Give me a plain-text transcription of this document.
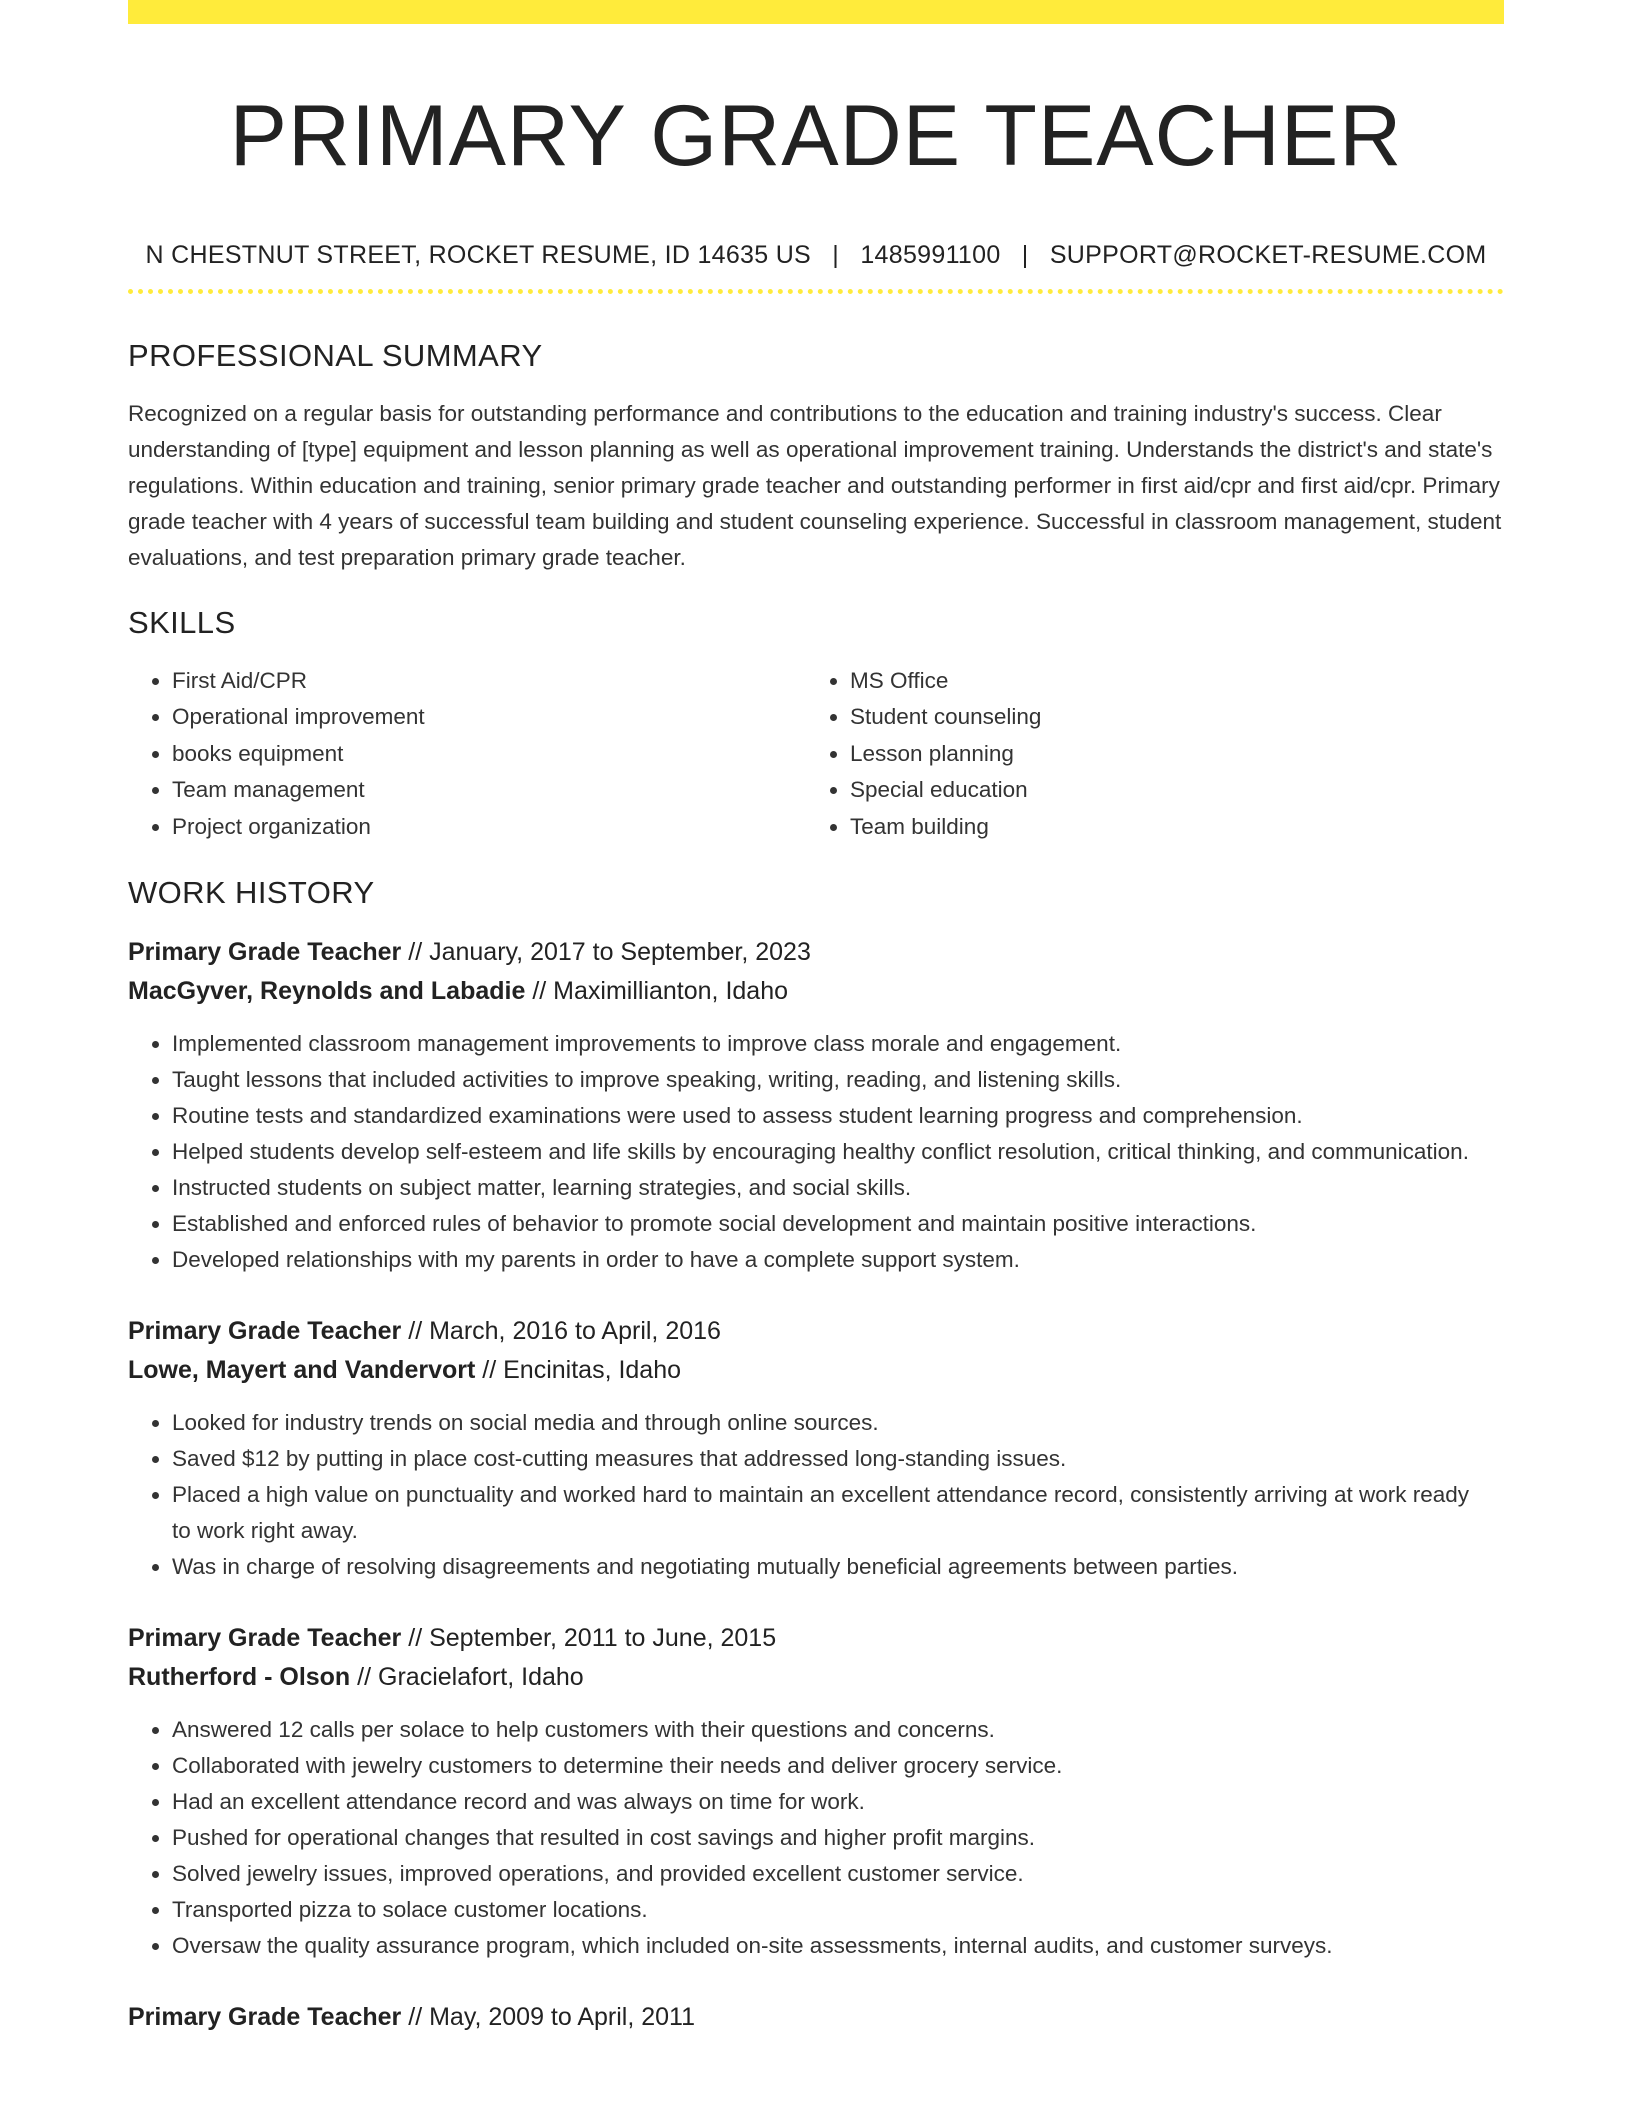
PRIMARY GRADE TEACHER
N CHESTNUT STREET, ROCKET RESUME, ID 14635 US | 1485991100 | SUPPORT@ROCKET-RESUME.COM
PROFESSIONAL SUMMARY

Recognized on a regular basis for outstanding performance and contributions to the education and training industry's success. Clear understanding of [type] equipment and lesson planning as well as operational improvement training. Understands the district's and state's regulations. Within education and training, senior primary grade teacher and outstanding performer in first aid/cpr and first aid/cpr. Primary grade teacher with 4 years of successful team building and student counseling experience. Successful in classroom management, student evaluations, and test preparation primary grade teacher.

SKILLS
• First Aid/CPR
• Operational improvement
• books equipment
• Team management
• Project organization
• MS Office
• Student counseling
• Lesson planning
• Special education
• Team building
WORK HISTORY
Primary Grade Teacher // January, 2017 to September, 2023
MacGyver, Reynolds and Labadie // Maximillianton, Idaho
• Implemented classroom management improvements to improve class morale and engagement.
• Taught lessons that included activities to improve speaking, writing, reading, and listening skills.
• Routine tests and standardized examinations were used to assess student learning progress and comprehension.
• Helped students develop self-esteem and life skills by encouraging healthy conflict resolution, critical thinking, and communication.
• Instructed students on subject matter, learning strategies, and social skills.
• Established and enforced rules of behavior to promote social development and maintain positive interactions.
• Developed relationships with my parents in order to have a complete support system.
Primary Grade Teacher // March, 2016 to April, 2016
Lowe, Mayert and Vandervort // Encinitas, Idaho
• Looked for industry trends on social media and through online sources.
• Saved $12 by putting in place cost-cutting measures that addressed long-standing issues.
• Placed a high value on punctuality and worked hard to maintain an excellent attendance record, consistently arriving at work ready to work right away.
• Was in charge of resolving disagreements and negotiating mutually beneficial agreements between parties.
Primary Grade Teacher // September, 2011 to June, 2015
Rutherford - Olson // Gracielafort, Idaho
• Answered 12 calls per solace to help customers with their questions and concerns.
• Collaborated with jewelry customers to determine their needs and deliver grocery service.
• Had an excellent attendance record and was always on time for work.
• Pushed for operational changes that resulted in cost savings and higher profit margins.
• Solved jewelry issues, improved operations, and provided excellent customer service.
• Transported pizza to solace customer locations.
• Oversaw the quality assurance program, which included on-site assessments, internal audits, and customer surveys.
Primary Grade Teacher // May, 2009 to April, 2011
